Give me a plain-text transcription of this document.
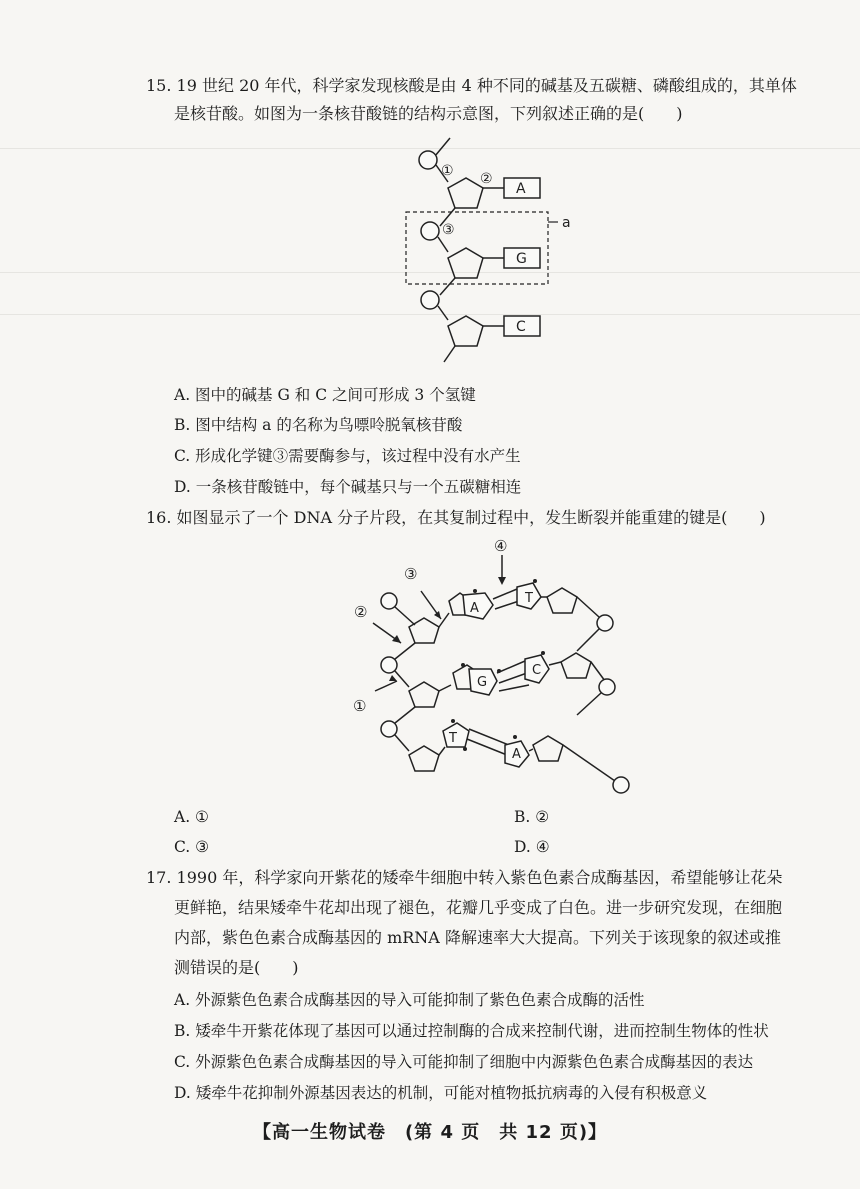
15. 19 世纪 20 年代，科学家发现核酸是由 4 种不同的碱基及五碳糖、磷酸组成的，其单体
是核苷酸。如图为一条核苷酸链的结构示意图，下列叙述正确的是(　　)
① ②
③
A
G
C
a
A. 图中的碱基 G 和 C 之间可形成 3 个氢键
B. 图中结构 a 的名称为鸟嘌呤脱氧核苷酸
C. 形成化学键③需要酶参与，该过程中没有水产生
D. 一条核苷酸链中，每个碱基只与一个五碳糖相连
16. 如图显示了一个 DNA 分子片段，在其复制过程中，发生断裂并能重建的键是(　　)
A
T
G
C
T
A
②
①
③
④
A. ①	B. ②
C. ③	D. ④
17. 1990 年，科学家向开紫花的矮牵牛细胞中转入紫色色素合成酶基因，希望能够让花朵
更鲜艳，结果矮牵牛花却出现了褪色，花瓣几乎变成了白色。进一步研究发现，在细胞
内部，紫色色素合成酶基因的 mRNA 降解速率大大提高。下列关于该现象的叙述或推
测错误的是(　　)
A. 外源紫色色素合成酶基因的导入可能抑制了紫色色素合成酶的活性
B. 矮牵牛开紫花体现了基因可以通过控制酶的合成来控制代谢，进而控制生物体的性状
C. 外源紫色色素合成酶基因的导入可能抑制了细胞中内源紫色色素合成酶基因的表达
D. 矮牵牛花抑制外源基因表达的机制，可能对植物抵抗病毒的入侵有积极意义
【高一生物试卷　(第 4 页　共 12 页)】
